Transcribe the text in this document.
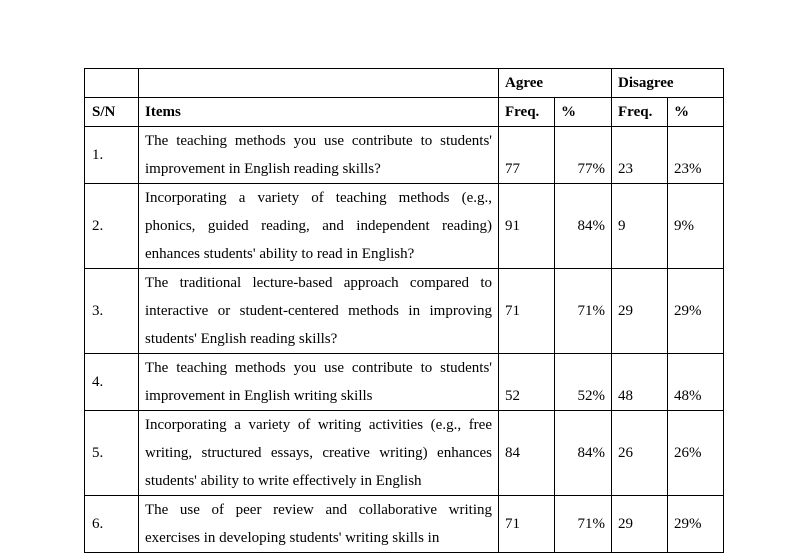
		Agree		Disagree	
S/N	Items	Freq.	%	Freq.	%
1.	The teaching methods you use contribute to students' improvement in English reading skills?	77	77%	23	23%
2.	Incorporating a variety of teaching methods (e.g., phonics, guided reading, and independent reading) enhances students' ability to read in English?	91	84%	9	9%
3.	The traditional lecture-based approach compared to interactive or student-centered methods in improving students' English reading skills?	71	71%	29	29%
4.	The teaching methods you use contribute to students' improvement in English writing skills	52	52%	48	48%
5.	Incorporating a variety of writing activities (e.g., free writing, structured essays, creative writing) enhances students' ability to write effectively in English	84	84%	26	26%
6.	The use of peer review and collaborative writing exercises in developing students' writing skills in	71	71%	29	29%
